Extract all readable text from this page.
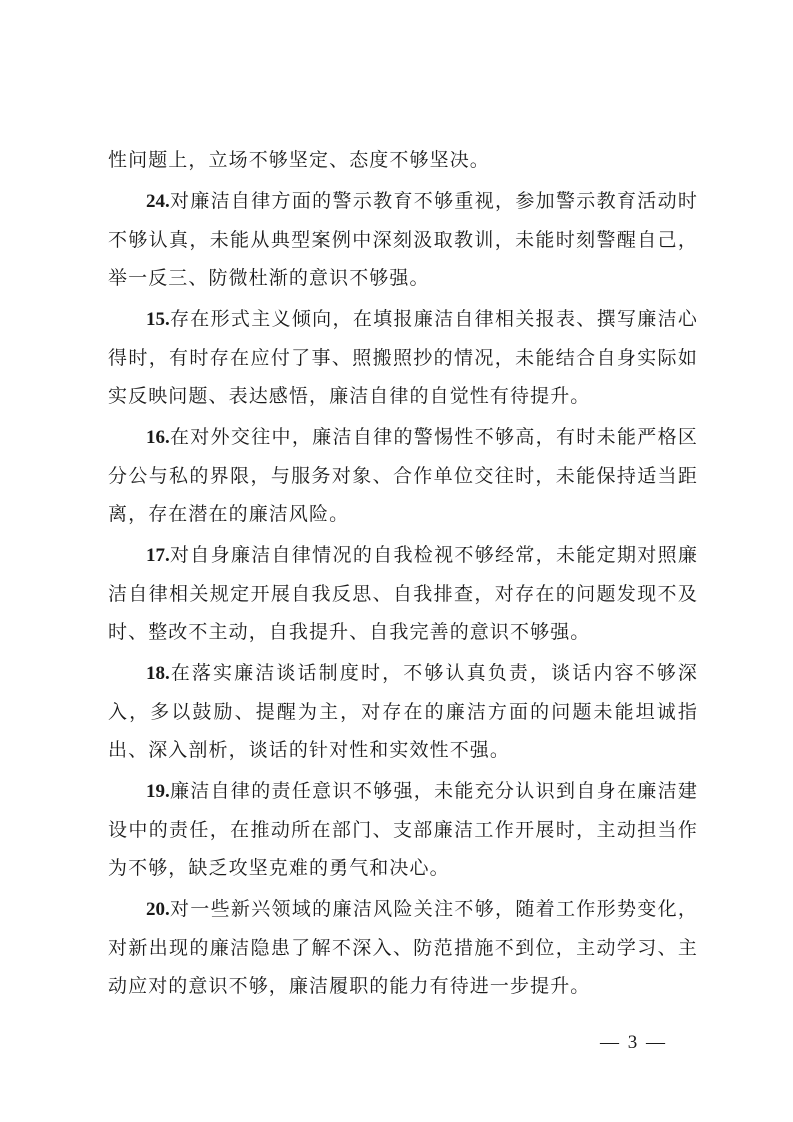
性问题上，立场不够坚定、态度不够坚决。

24.对廉洁自律方面的警示教育不够重视，参加警示教育活动时不够认真，未能从典型案例中深刻汲取教训，未能时刻警醒自己，举一反三、防微杜渐的意识不够强。

15.存在形式主义倾向，在填报廉洁自律相关报表、撰写廉洁心得时，有时存在应付了事、照搬照抄的情况，未能结合自身实际如实反映问题、表达感悟，廉洁自律的自觉性有待提升。

16.在对外交往中，廉洁自律的警惕性不够高，有时未能严格区分公与私的界限，与服务对象、合作单位交往时，未能保持适当距离，存在潜在的廉洁风险。

17.对自身廉洁自律情况的自我检视不够经常，未能定期对照廉洁自律相关规定开展自我反思、自我排查，对存在的问题发现不及时、整改不主动，自我提升、自我完善的意识不够强。

18.在落实廉洁谈话制度时，不够认真负责，谈话内容不够深入，多以鼓励、提醒为主，对存在的廉洁方面的问题未能坦诚指出、深入剖析，谈话的针对性和实效性不强。

19.廉洁自律的责任意识不够强，未能充分认识到自身在廉洁建设中的责任，在推动所在部门、支部廉洁工作开展时，主动担当作为不够，缺乏攻坚克难的勇气和决心。

20.对一些新兴领域的廉洁风险关注不够，随着工作形势变化，对新出现的廉洁隐患了解不深入、防范措施不到位，主动学习、主动应对的意识不够，廉洁履职的能力有待进一步提升。

— 3 —
